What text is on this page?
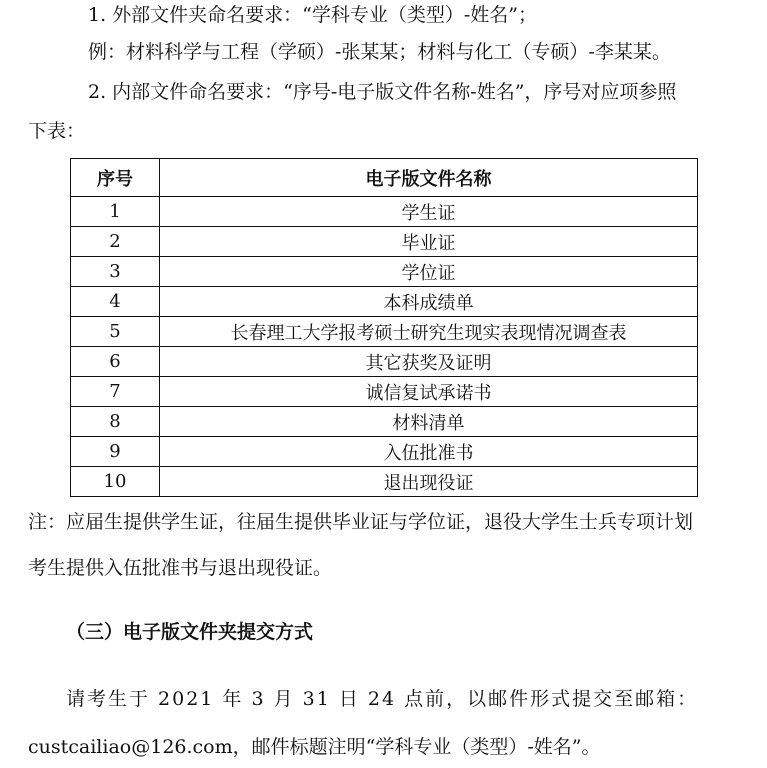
1. 外部文件夹命名要求：“学科专业（类型）-姓名”；
例：材料科学与工程（学硕）-张某某；材料与化工（专硕）-李某某。
2. 内部文件命名要求：“序号-电子版文件名称-姓名”，序号对应项参照
下表：
序号	电子版文件名称
1	学生证
2	毕业证
3	学位证
4	本科成绩单
5	长春理工大学报考硕士研究生现实表现情况调查表
6	其它获奖及证明
7	诚信复试承诺书
8	材料清单
9	入伍批准书
10	退出现役证
注：应届生提供学生证，往届生提供毕业证与学位证，退役大学生士兵专项计划
考生提供入伍批准书与退出现役证。
（三）电子版文件夹提交方式
请考生于 2021 年 3 月 31 日 24 点前，以邮件形式提交至邮箱：
custcailiao@126.com，邮件标题注明“学科专业（类型）-姓名”。
